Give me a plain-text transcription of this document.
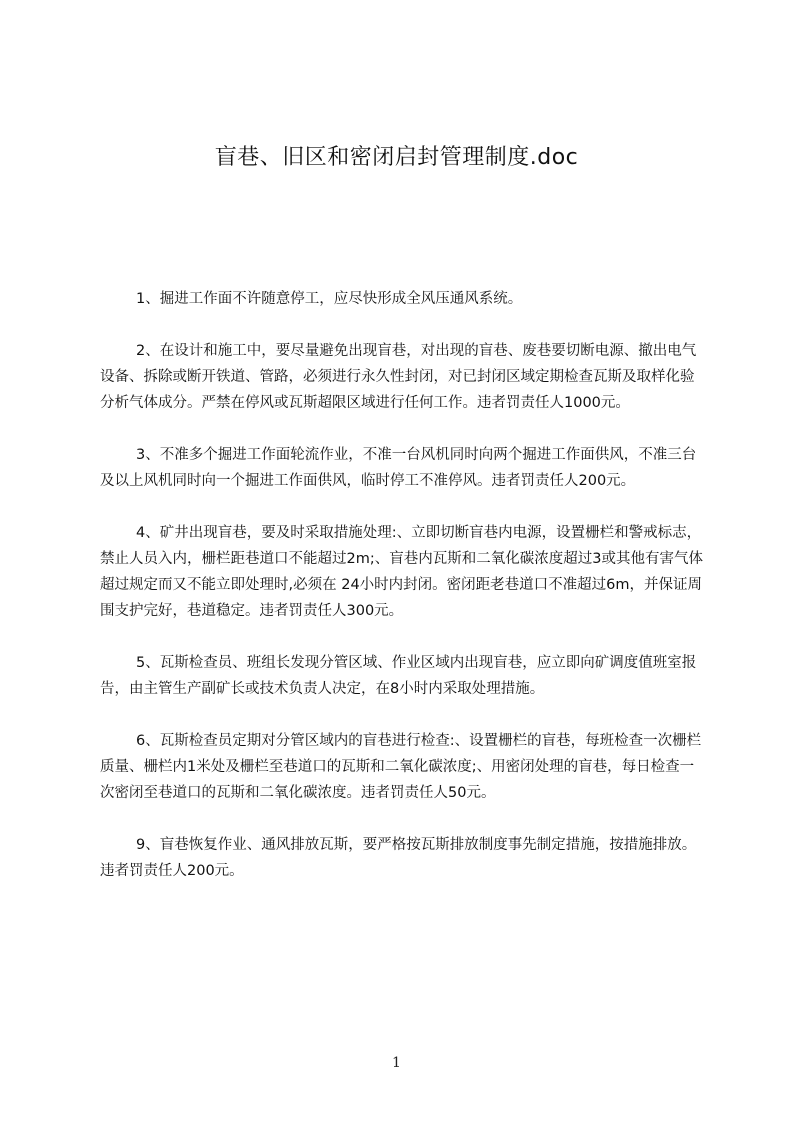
盲巷、旧区和密闭启封管理制度.doc

1、掘进工作面不许随意停工，应尽快形成全风压通风系统。

2、在设计和施工中，要尽量避免出现盲巷，对出现的盲巷、废巷要切断电源、撤出电气设备、拆除或断开铁道、管路，必须进行永久性封闭，对已封闭区域定期检查瓦斯及取样化验分析气体成分。严禁在停风或瓦斯超限区域进行任何工作。违者罚责任人1000元。

3、不准多个掘进工作面轮流作业，不准一台风机同时向两个掘进工作面供风，不准三台及以上风机同时向一个掘进工作面供风，临时停工不准停风。违者罚责任人200元。

4、矿井出现盲巷，要及时采取措施处理:、立即切断盲巷内电源，设置栅栏和警戒标志，禁止人员入内，栅栏距巷道口不能超过2m;、盲巷内瓦斯和二氧化碳浓度超过3或其他有害气体超过规定而又不能立即处理时,必须在 24小时内封闭。密闭距老巷道口不准超过6m，并保证周围支护完好，巷道稳定。违者罚责任人300元。

5、瓦斯检查员、班组长发现分管区域、作业区域内出现盲巷，应立即向矿调度值班室报告，由主管生产副矿长或技术负责人决定，在8小时内采取处理措施。

6、瓦斯检查员定期对分管区域内的盲巷进行检查:、设置栅栏的盲巷，每班检查一次栅栏质量、栅栏内1米处及栅栏至巷道口的瓦斯和二氧化碳浓度;、用密闭处理的盲巷，每日检查一次密闭至巷道口的瓦斯和二氧化碳浓度。违者罚责任人50元。

9、盲巷恢复作业、通风排放瓦斯，要严格按瓦斯排放制度事先制定措施，按措施排放。违者罚责任人200元。

1
